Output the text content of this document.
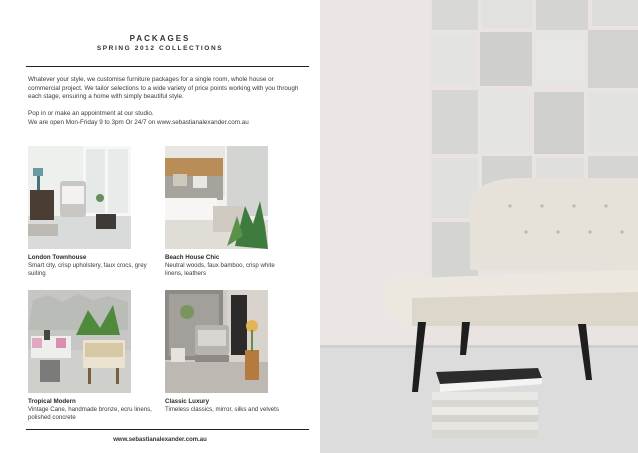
PACKAGES
SPRING 2012 COLLECTIONS

Whatever your style, we customise furniture packages for a single room, whole house or commercial project. We tailor selections to a wide variety of price points working with you through each stage, ensuring a home with simply beautiful style.

Pop in or make an appointment at our studio.
We are open Mon-Friday 9 to 3pm Or 24/7 on www.sebastianalexander.com.au

London Townhouse
Smart city, crisp upholstery, faux crocs, grey suiting
Beach House Chic
Neutral woods, faux bamboo, crisp white linens, leathers
Tropical Modern
Vintage Cane, handmade bronze, ecru linens, polished concrete
Classic Luxury
Timeless classics, mirror, silks and velvets
www.sebastianalexander.com.au
